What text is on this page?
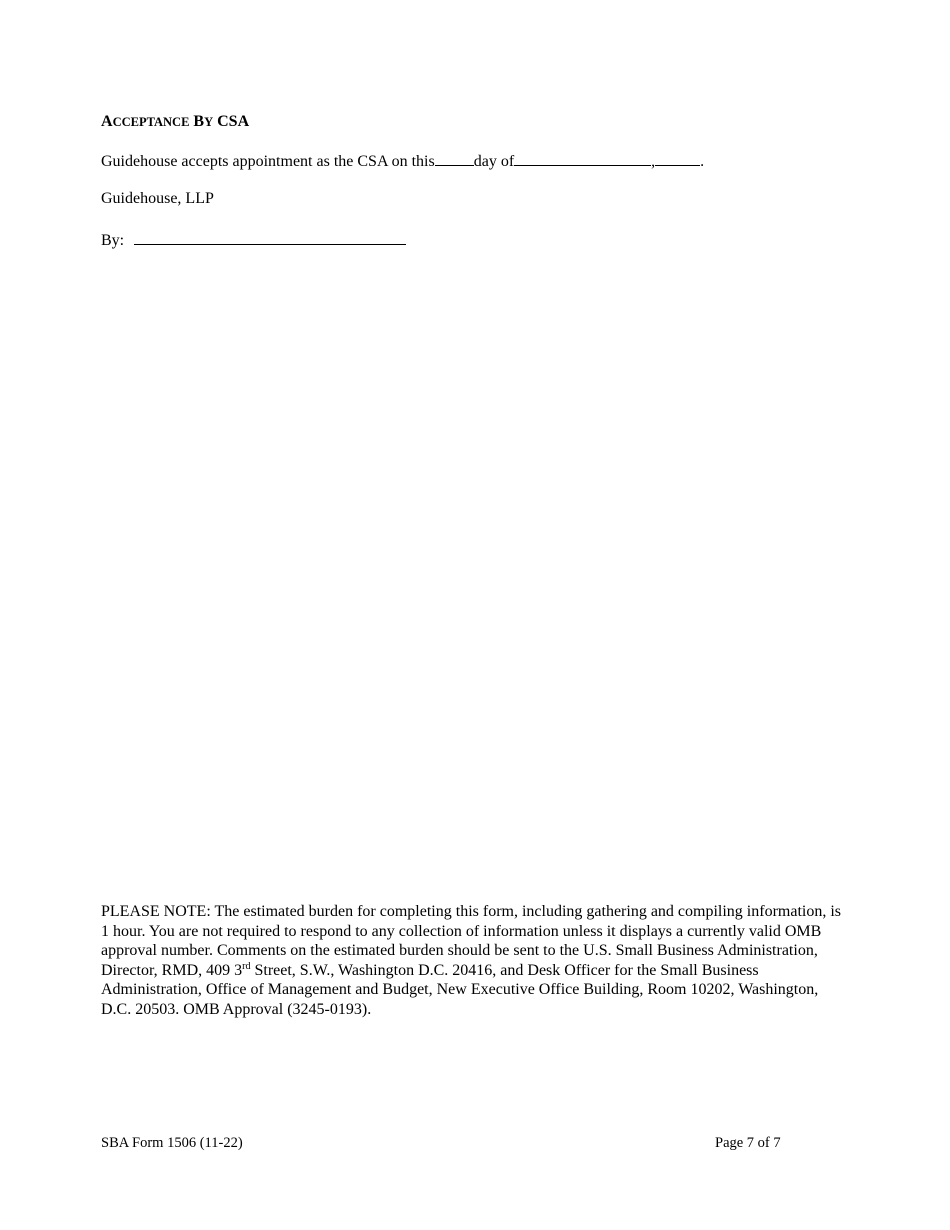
ACCEPTANCE BY CSA
Guidehouse accepts appointment as the CSA on this day of	,	.
Guidehouse, LLP
By:
PLEASE NOTE: The estimated burden for completing this form, including gathering and compiling information, is 1 hour. You are not required to respond to any collection of information unless it displays a currently valid OMB approval number. Comments on the estimated burden should be sent to the U.S. Small Business Administration, Director, RMD, 409 3rd Street, S.W., Washington D.C. 20416, and Desk Officer for the Small Business Administration, Office of Management and Budget, New Executive Office Building, Room 10202, Washington, D.C. 20503. OMB Approval (3245-0193).
SBA Form 1506 (11-22)	Page 7 of 7
